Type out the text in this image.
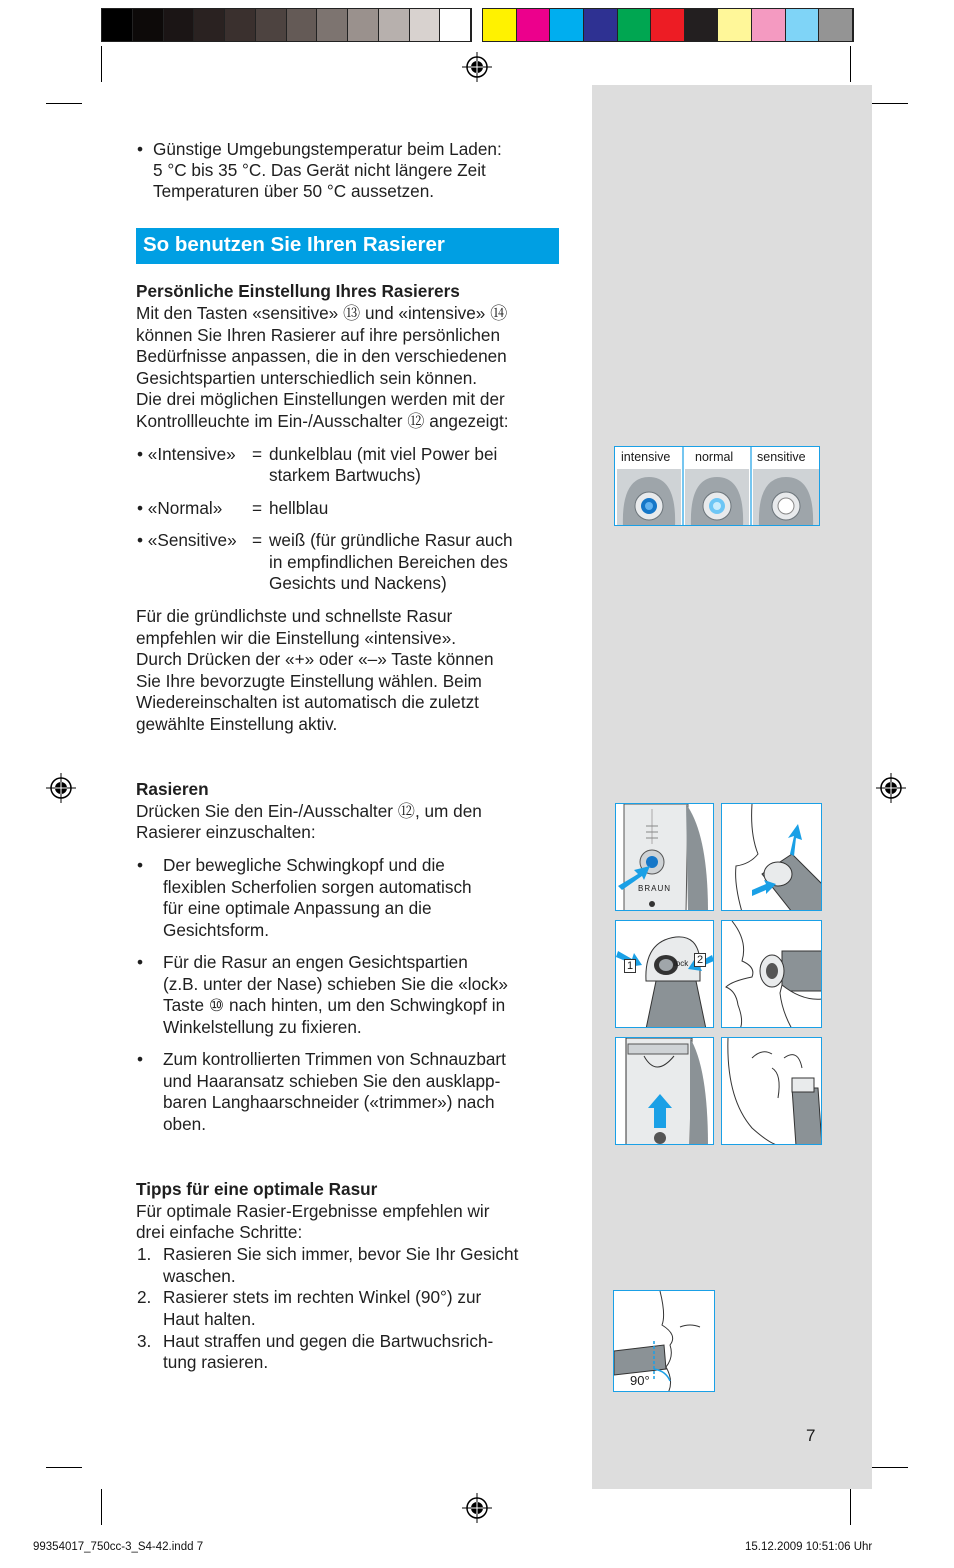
• Günstige Umgebungstemperatur beim Laden:
5 °C bis 35 °C. Das Gerät nicht längere Zeit
Temperaturen über 50 °C aussetzen.
So benutzen Sie Ihren Rasierer
Persönliche Einstellung Ihres Rasierers
Mit den Tasten «sensitive» ⑬ und «intensive» ⑭
können Sie Ihren Rasierer auf ihre persönlichen
Bedürfnisse anpassen, die in den verschiedenen
Gesichtspartien unterschiedlich sein können.
Die drei möglichen Einstellungen werden mit der
Kontrollleuchte im Ein-/Ausschalter ⑫ angezeigt:
• «Intensive» = dunkelblau (mit viel Power bei
starkem Bartwuchs)
• «Normal» = hellblau
• «Sensitive» = weiß (für gründliche Rasur auch
in empfindlichen Bereichen des
Gesichts und Nackens)
Für die gründlichste und schnellste Rasur
empfehlen wir die Einstellung «intensive».
Durch Drücken der «+» oder «–» Taste können
Sie Ihre bevorzugte Einstellung wählen. Beim
Wiedereinschalten ist automatisch die zuletzt
gewählte Einstellung aktiv.
Rasieren
Drücken Sie den Ein-/Ausschalter ⑫, um den
Rasierer einzuschalten:
• Der bewegliche Schwingkopf und die
flexiblen Scherfolien sorgen automatisch
für eine optimale Anpassung an die
Gesichtsform.
• Für die Rasur an engen Gesichtspartien
(z.B. unter der Nase) schieben Sie die «lock»
Taste ⑩ nach hinten, um den Schwingkopf in
Winkelstellung zu fixieren.
• Zum kontrollierten Trimmen von Schnauzbart
und Haaransatz schieben Sie den ausklapp-
baren Langhaarschneider («trimmer») nach
oben.
Tipps für eine optimale Rasur
Für optimale Rasier-Ergebnisse empfehlen wir
drei einfache Schritte:
1. Rasieren Sie sich immer, bevor Sie Ihr Gesicht
waschen.
2. Rasierer stets im rechten Winkel (90°) zur
Haut halten.
3. Haut straffen und gegen die Bartwuchsrich-
tung rasieren.
intensive normal sensitive
BRAUN
1	lock 2
90°
7
99354017_750cc-3_S4-42.indd 7	15.12.2009 10:51:06 Uhr
